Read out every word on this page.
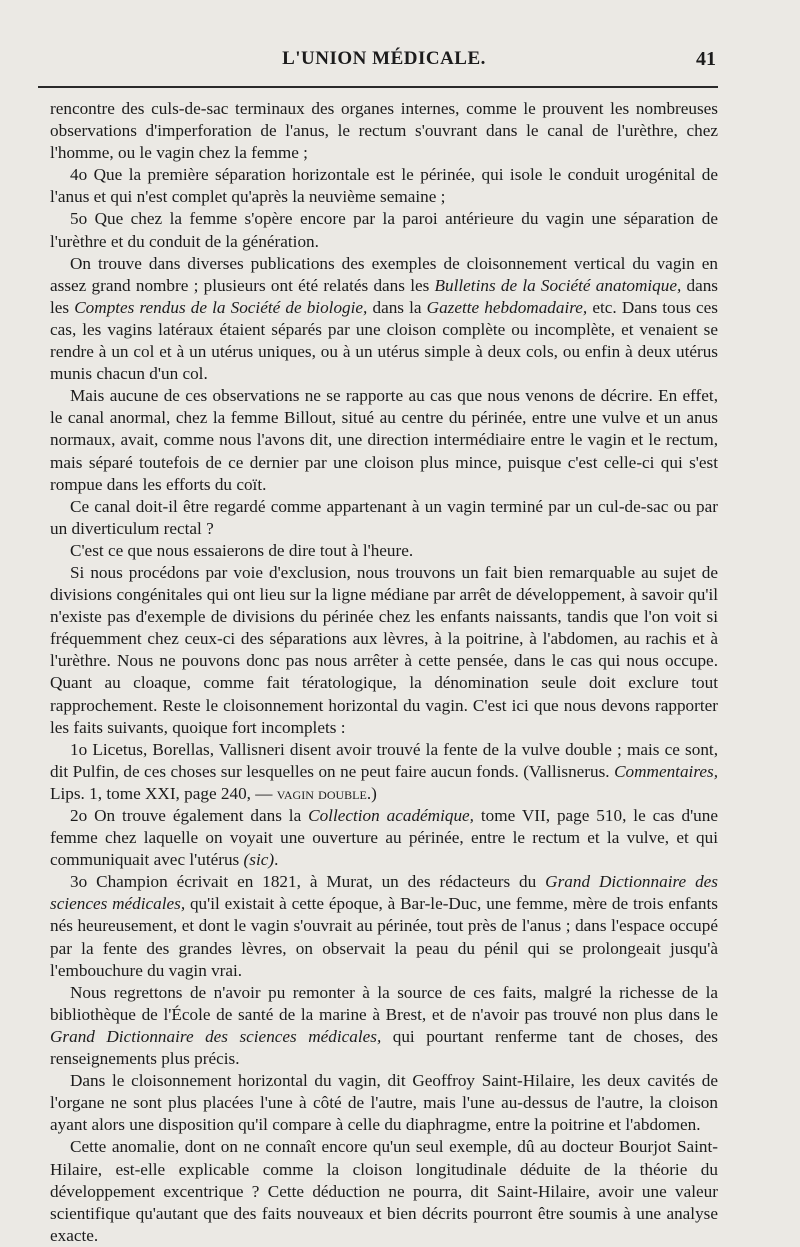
L'UNION MÉDICALE.	41

rencontre des culs-de-sac terminaux des organes internes, comme le prouvent les nombreuses observations d'imperforation de l'anus, le rectum s'ouvrant dans le canal de l'urèthre, chez l'homme, ou le vagin chez la femme ;

4o Que la première séparation horizontale est le périnée, qui isole le conduit urogénital de l'anus et qui n'est complet qu'après la neuvième semaine ;

5o Que chez la femme s'opère encore par la paroi antérieure du vagin une séparation de l'urèthre et du conduit de la génération.

On trouve dans diverses publications des exemples de cloisonnement vertical du vagin en assez grand nombre ; plusieurs ont été relatés dans les Bulletins de la Société anatomique, dans les Comptes rendus de la Société de biologie, dans la Gazette hebdomadaire, etc. Dans tous ces cas, les vagins latéraux étaient séparés par une cloison complète ou incomplète, et venaient se rendre à un col et à un utérus uniques, ou à un utérus simple à deux cols, ou enfin à deux utérus munis chacun d'un col.

Mais aucune de ces observations ne se rapporte au cas que nous venons de décrire. En effet, le canal anormal, chez la femme Billout, situé au centre du périnée, entre une vulve et un anus normaux, avait, comme nous l'avons dit, une direction intermédiaire entre le vagin et le rectum, mais séparé toutefois de ce dernier par une cloison plus mince, puisque c'est celle-ci qui s'est rompue dans les efforts du coït.

Ce canal doit-il être regardé comme appartenant à un vagin terminé par un cul-de-sac ou par un diverticulum rectal ?

C'est ce que nous essaierons de dire tout à l'heure.

Si nous procédons par voie d'exclusion, nous trouvons un fait bien remarquable au sujet de divisions congénitales qui ont lieu sur la ligne médiane par arrêt de développement, à savoir qu'il n'existe pas d'exemple de divisions du périnée chez les enfants naissants, tandis que l'on voit si fréquemment chez ceux-ci des séparations aux lèvres, à la poitrine, à l'abdomen, au rachis et à l'urèthre. Nous ne pouvons donc pas nous arrêter à cette pensée, dans le cas qui nous occupe. Quant au cloaque, comme fait tératologique, la dénomination seule doit exclure tout rapprochement. Reste le cloisonnement horizontal du vagin. C'est ici que nous devons rapporter les faits suivants, quoique fort incomplets :

1o Licetus, Borellas, Vallisneri disent avoir trouvé la fente de la vulve double ; mais ce sont, dit Pulfin, de ces choses sur lesquelles on ne peut faire aucun fonds. (Vallisnerus. Commentaires, Lips. 1, tome XXI, page 240, — vagin double.)

2o On trouve également dans la Collection académique, tome VII, page 510, le cas d'une femme chez laquelle on voyait une ouverture au périnée, entre le rectum et la vulve, et qui communiquait avec l'utérus (sic).

3o Champion écrivait en 1821, à Murat, un des rédacteurs du Grand Dictionnaire des sciences médicales, qu'il existait à cette époque, à Bar-le-Duc, une femme, mère de trois enfants nés heureusement, et dont le vagin s'ouvrait au périnée, tout près de l'anus ; dans l'espace occupé par la fente des grandes lèvres, on observait la peau du pénil qui se prolongeait jusqu'à l'embouchure du vagin vrai.

Nous regrettons de n'avoir pu remonter à la source de ces faits, malgré la richesse de la bibliothèque de l'École de santé de la marine à Brest, et de n'avoir pas trouvé non plus dans le Grand Dictionnaire des sciences médicales, qui pourtant renferme tant de choses, des renseignements plus précis.

Dans le cloisonnement horizontal du vagin, dit Geoffroy Saint-Hilaire, les deux cavités de l'organe ne sont plus placées l'une à côté de l'autre, mais l'une au-dessus de l'autre, la cloison ayant alors une disposition qu'il compare à celle du diaphragme, entre la poitrine et l'abdomen.

Cette anomalie, dont on ne connaît encore qu'un seul exemple, dû au docteur Bourjot Saint-Hilaire, est-elle explicable comme la cloison longitudinale déduite de la théorie du développement excentrique ? Cette déduction ne pourra, dit Saint-Hilaire, avoir une valeur scientifique qu'autant que des faits nouveaux et bien décrits pourront être soumis à une analyse exacte.
